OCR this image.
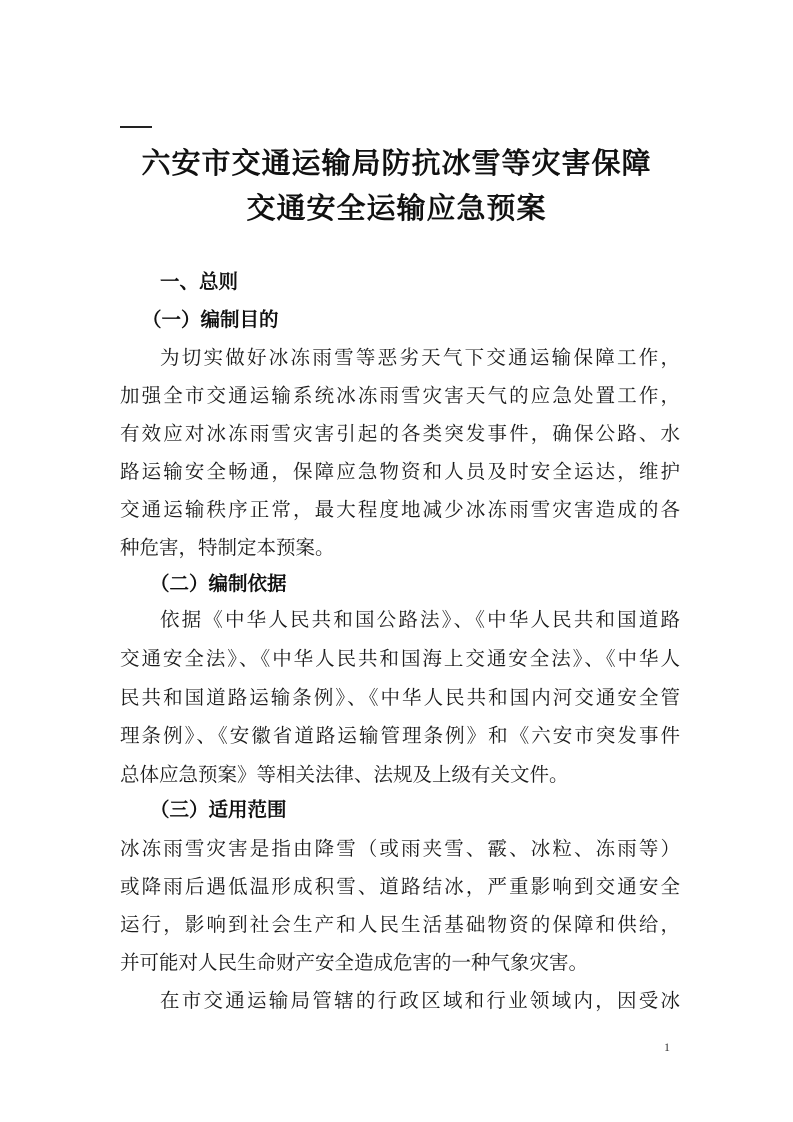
六安市交通运输局防抗冰雪等灾害保障
交通安全运输应急预案
一、总则
（一）编制目的
为切实做好冰冻雨雪等恶劣天气下交通运输保障工作，
加强全市交通运输系统冰冻雨雪灾害天气的应急处置工作，
有效应对冰冻雨雪灾害引起的各类突发事件，确保公路、水
路运输安全畅通，保障应急物资和人员及时安全运达，维护
交通运输秩序正常，最大程度地减少冰冻雨雪灾害造成的各
种危害，特制定本预案。
（二）编制依据
依据《中华人民共和国公路法》、《中华人民共和国道路
交通安全法》、《中华人民共和国海上交通安全法》、《中华人
民共和国道路运输条例》、《中华人民共和国内河交通安全管
理条例》、《安徽省道路运输管理条例》和《六安市突发事件
总体应急预案》等相关法律、法规及上级有关文件。
（三）适用范围
冰冻雨雪灾害是指由降雪（或雨夹雪、霰、冰粒、冻雨等）
或降雨后遇低温形成积雪、道路结冰，严重影响到交通安全
运行，影响到社会生产和人民生活基础物资的保障和供给，
并可能对人民生命财产安全造成危害的一种气象灾害。
在市交通运输局管辖的行政区域和行业领域内，因受冰
1
